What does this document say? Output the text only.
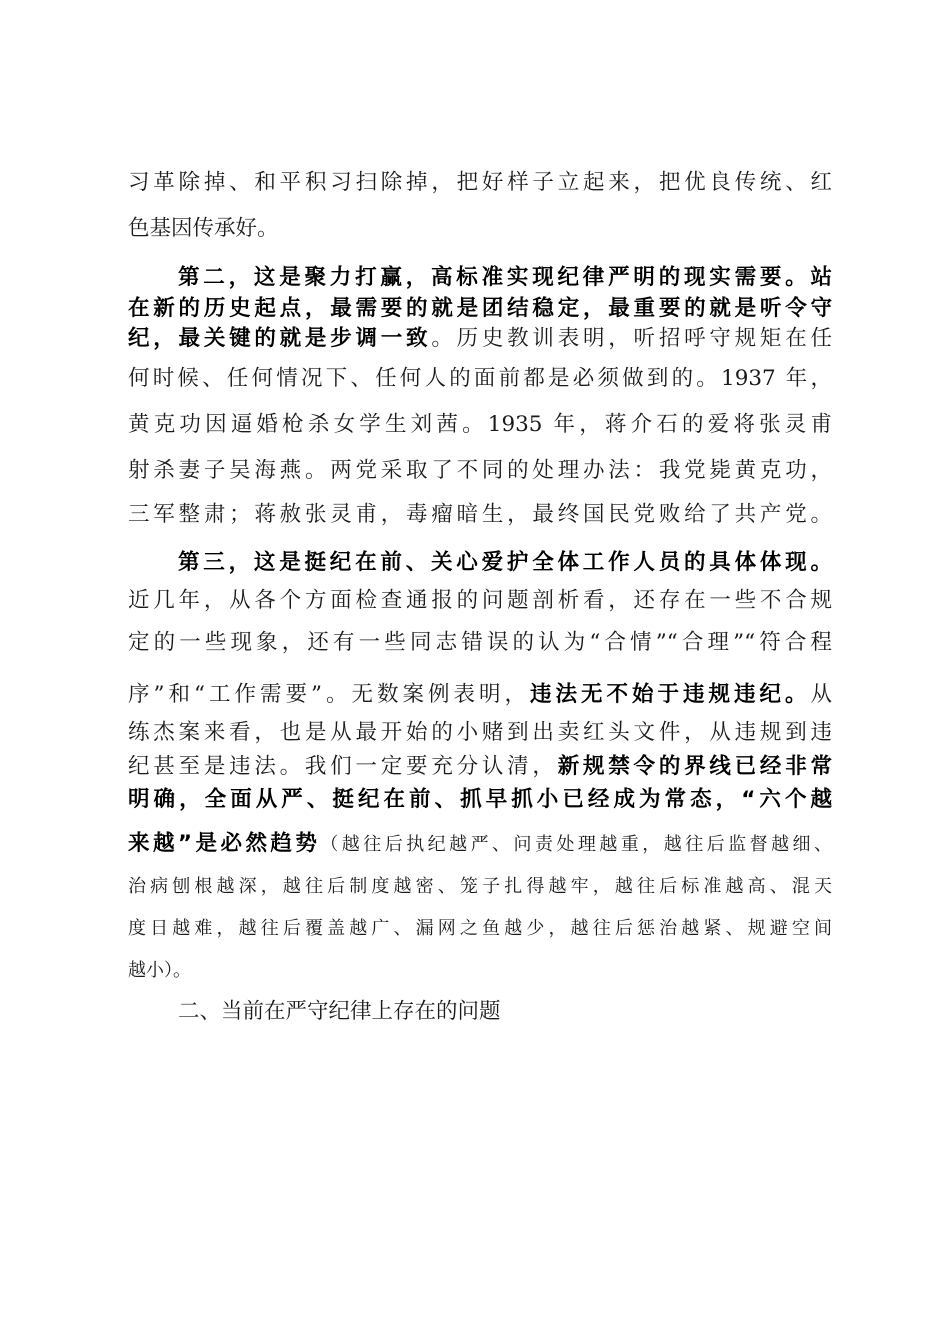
习革除掉、和平积习扫除掉，把好样子立起来，把优良传统、红
色基因传承好。
第二，这是聚力打赢，高标准实现纪律严明的现实需要。站
在新的历史起点，最需要的就是团结稳定，最重要的就是听令守
纪，最关键的就是步调一致。历史教训表明，听招呼守规矩在任
何时候、任何情况下、任何人的面前都是必须做到的。1937 年，
黄克功因逼婚枪杀女学生刘茜。1935 年，蒋介石的爱将张灵甫
射杀妻子吴海燕。两党采取了不同的处理办法：我党毙黄克功，
三军整肃；蒋赦张灵甫，毒瘤暗生，最终国民党败给了共产党。
第三，这是挺纪在前、关心爱护全体工作人员的具体体现。
近几年，从各个方面检查通报的问题剖析看，还存在一些不合规
定的一些现象，还有一些同志错误的认为“合情”“合理”“符合程
序”和“工作需要”。无数案例表明，违法无不始于违规违纪。从
练杰案来看，也是从最开始的小赌到出卖红头文件，从违规到违
纪甚至是违法。我们一定要充分认清，新规禁令的界线已经非常
明确，全面从严、挺纪在前、抓早抓小已经成为常态，“六个越
来越”是必然趋势（越往后执纪越严、问责处理越重，越往后监督越细、
治病刨根越深，越往后制度越密、笼子扎得越牢，越往后标准越高、混天
度日越难，越往后覆盖越广、漏网之鱼越少，越往后惩治越紧、规避空间
越小）。
二、当前在严守纪律上存在的问题
